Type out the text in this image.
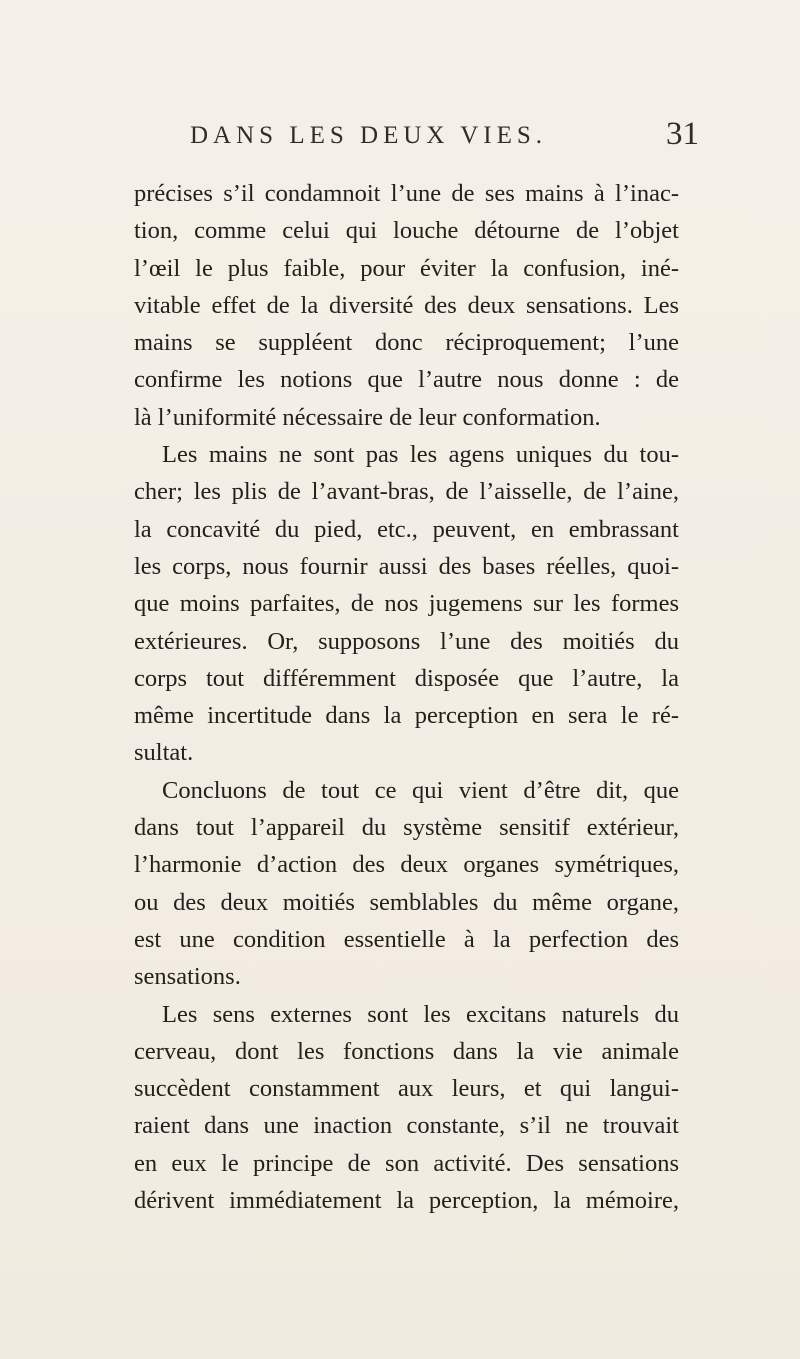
DANS LES DEUX VIES.	31
précises s’il condamnoit l’une de ses mains à l’inac-
tion, comme celui qui louche détourne de l’objet
l’œil le plus faible, pour éviter la confusion, iné-
vitable effet de la diversité des deux sensations. Les
mains se suppléent donc réciproquement; l’une
confirme les notions que l’autre nous donne : de
là l’uniformité nécessaire de leur conformation.
Les mains ne sont pas les agens uniques du tou-
cher; les plis de l’avant-bras, de l’aisselle, de l’aine,
la concavité du pied, etc., peuvent, en embrassant
les corps, nous fournir aussi des bases réelles, quoi-
que moins parfaites, de nos jugemens sur les formes
extérieures. Or, supposons l’une des moitiés du
corps tout différemment disposée que l’autre, la
même incertitude dans la perception en sera le ré-
sultat.
Concluons de tout ce qui vient d’être dit, que
dans tout l’appareil du système sensitif extérieur,
l’harmonie d’action des deux organes symétriques,
ou des deux moitiés semblables du même organe,
est une condition essentielle à la perfection des
sensations.
Les sens externes sont les excitans naturels du
cerveau, dont les fonctions dans la vie animale
succèdent constamment aux leurs, et qui langui-
raient dans une inaction constante, s’il ne trouvait
en eux le principe de son activité. Des sensations
dérivent immédiatement la perception, la mémoire,
